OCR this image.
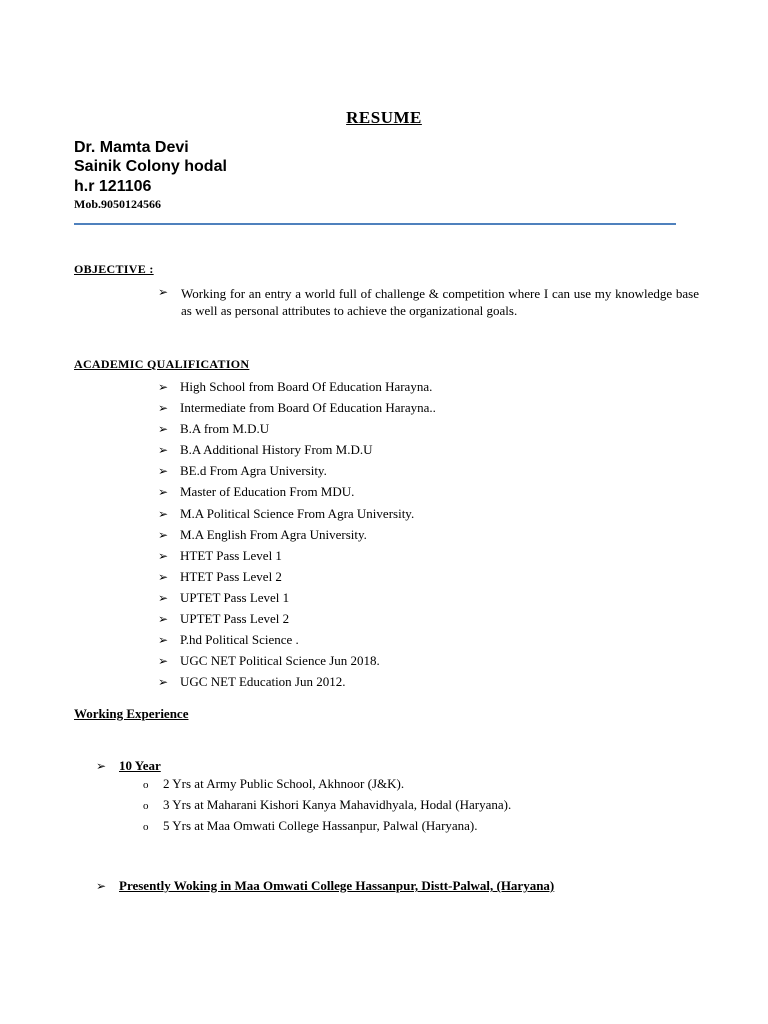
RESUME
Dr. Mamta Devi
Sainik Colony hodal
h.r 121106
Mob.9050124566
OBJECTIVE :
➢ Working for an entry a world full of challenge & competition where I can use my knowledge base as well as personal attributes to achieve the organizational goals.
ACADEMIC QUALIFICATION
➢ High School from Board Of Education Harayna.
➢ Intermediate from Board Of Education Harayna..
➢ B.A from M.D.U
➢ B.A Additional History From M.D.U
➢ BE.d From Agra University.
➢ Master of Education From MDU.
➢ M.A Political Science From Agra University.
➢ M.A English From Agra University.
➢ HTET Pass Level 1
➢ HTET Pass Level 2
➢ UPTET Pass Level 1
➢ UPTET Pass Level 2
➢ P.hd Political Science .
➢ UGC NET Political Science Jun 2018.
➢ UGC NET Education Jun 2012.
Working Experience
➢ 10 Year
o 2 Yrs at Army Public School, Akhnoor (J&K).
o 3 Yrs at Maharani Kishori Kanya Mahavidhyala, Hodal (Haryana).
o 5 Yrs at Maa Omwati College Hassanpur, Palwal (Haryana).
➢ Presently Woking in Maa Omwati College Hassanpur, Distt-Palwal, (Haryana)
